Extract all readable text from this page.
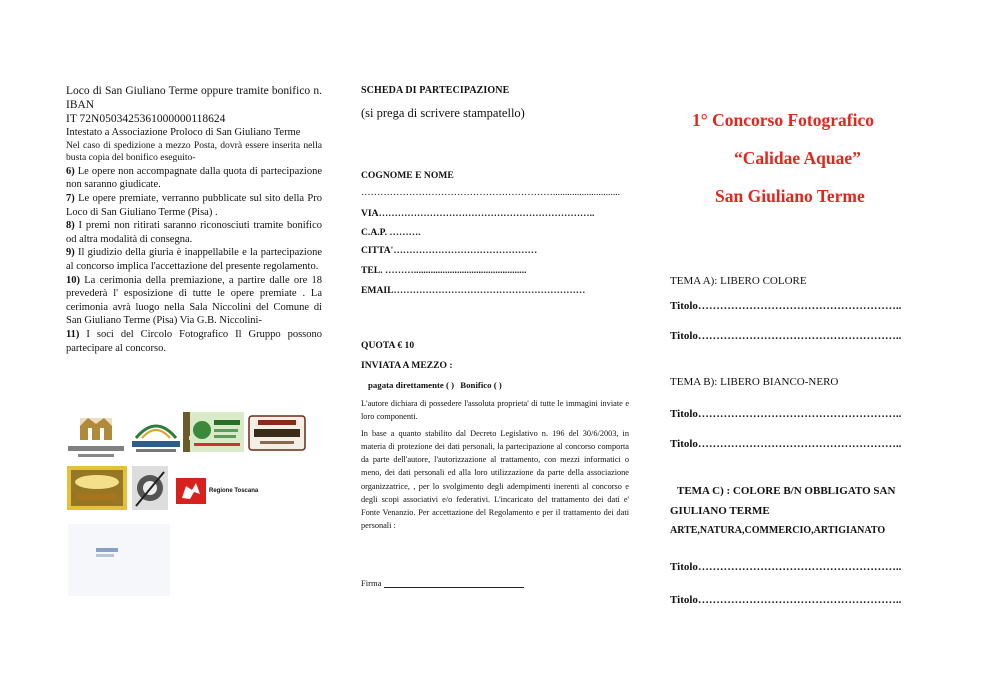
Loco di San Giuliano Terme oppure tramite bonifico n. IBAN

IT 72N0503425361000000118624

Intestato a Associazione Proloco di San Giuliano Terme

Nel caso di spedizione a mezzo Posta, dovrà essere inserita nella busta copia del bonifico eseguito-

6) Le opere non accompagnate dalla quota di partecipazione non saranno giudicate.

7) Le opere premiate, verranno pubblicate sul sito della Pro Loco di San Giuliano Terme (Pisa) .

8) I premi non ritirati saranno riconosciuti tramite bonifico od altra modalità di consegna.

9) Il giudizio della giuria è inappellabile e la partecipazione al concorso implica l'accettazione del presente regolamento.

10) La cerimonia della premiazione, a partire dalle ore 18 prevederà l' esposizione di tutte le opere premiate . La cerimonia avrà luogo nella Sala Niccolini del Comune di San Giuliano Terme (Pisa) Via G.B. Niccolini-

11) I soci del Circolo Fotografico Il Gruppo possono partecipare al concorso.

Regione Toscana
SCHEDA DI PARTECIPAZIONE
(si prega di scrivere stampatello)
COGNOME E NOME
……………………………………………………............................
VIA…………………………………………………………..
C.A.P. ……….
CITTA'………………………………………
TEL. ………...............................................
EMAIL……………………………………………………
QUOTA € 10
INVIATA A MEZZO :
pagata direttamente ( ) Bonifico ( )

L'autore dichiara di possedere l'assoluta proprieta' di tutte le immagini inviate e loro componenti.

In base a quanto stabilito dal Decreto Legislativo n. 196 del 30/6/2003, in materia di protezione dei dati personali, la partecipazione al concorso comporta da parte dell'autore, l'autorizzazione al trattamento, con mezzi informatici o meno, dei dati personali ed alla loro utilizzazione da parte della associazione organizzatrice, , per lo svolgimento degli adempimenti inerenti al concorso e degli scopi associativi e/o federativi. L'incaricato del trattamento dei dati e' Fonte Venanzio. Per accettazione del Regolamento e per il trattamento dei dati personali :

Firma
1° Concorso Fotografico
“Calidae Aquae”
San Giuliano Terme
TEMA A): LIBERO COLORE
Titolo………………………………………………..
Titolo………………………………………………..
TEMA B): LIBERO BIANCO-NERO
Titolo………………………………………………..
Titolo………………………………………………..
TEMA C) : COLORE B/N OBBLIGATO SAN
GIULIANO TERME
ARTE,NATURA,COMMERCIO,ARTIGIANATO
Titolo………………………………………………..
Titolo………………………………………………..
